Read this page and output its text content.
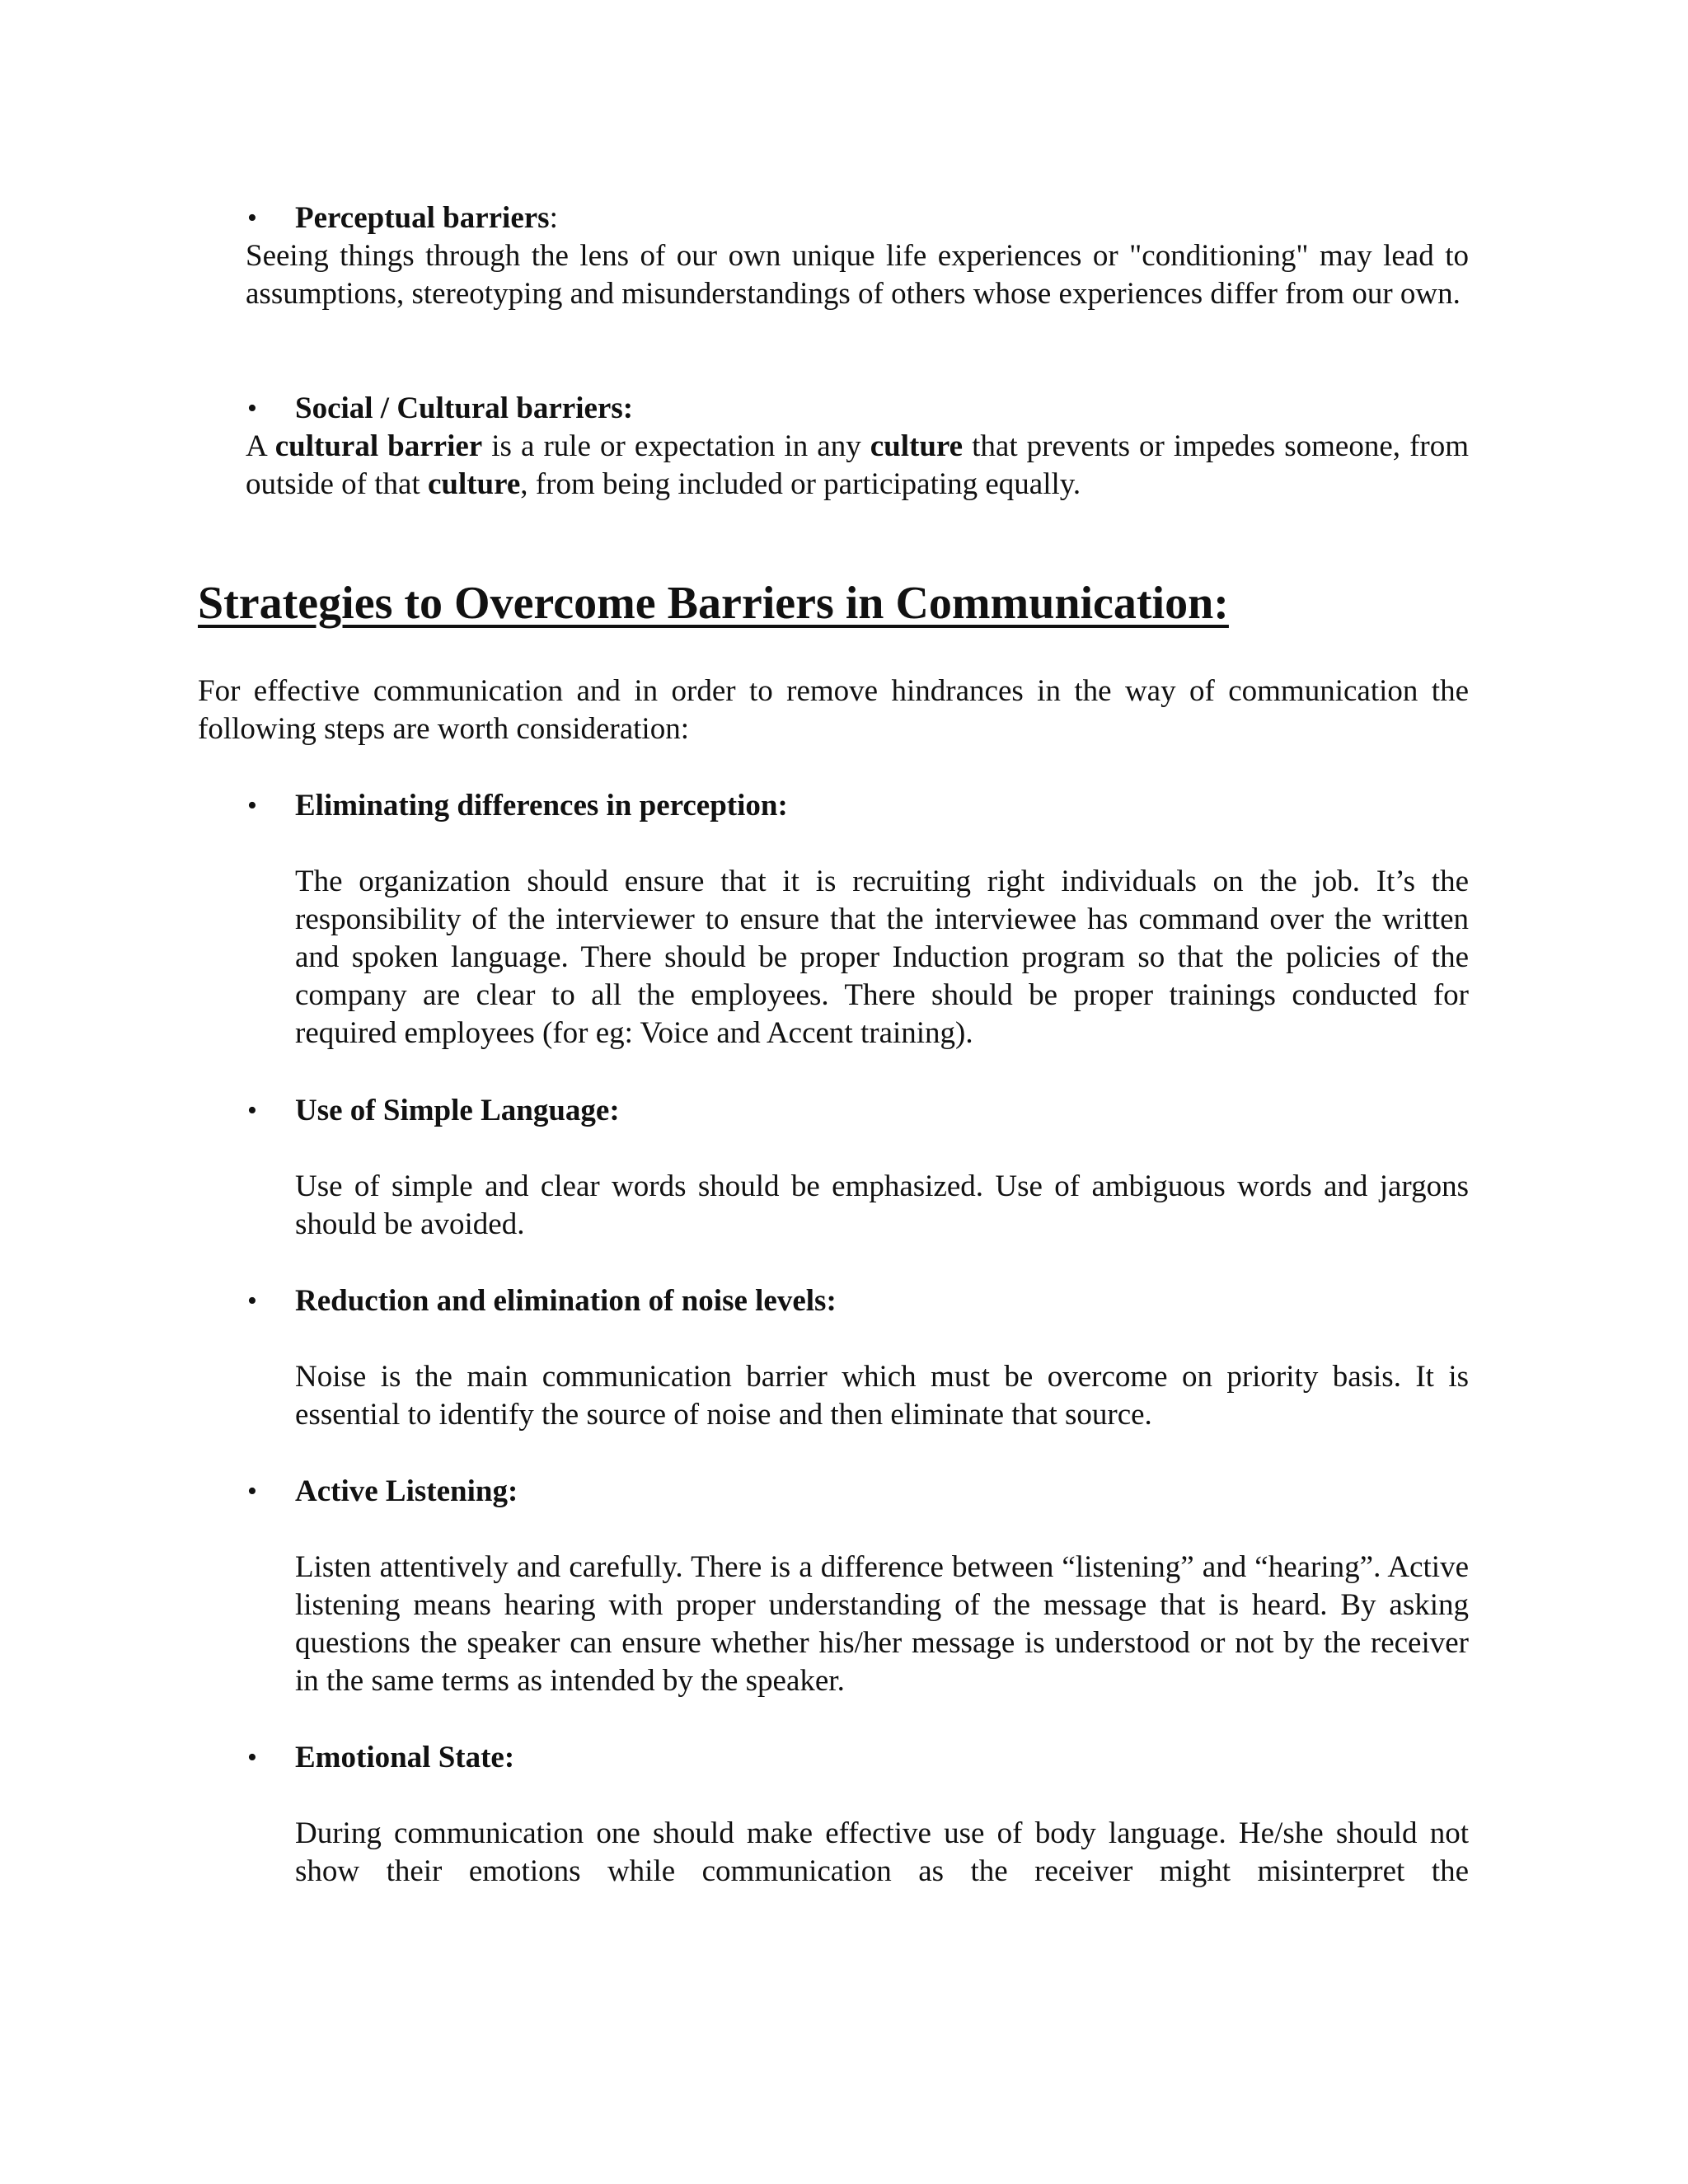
• Perceptual barriers:

Seeing things through the lens of our own unique life experiences or "conditioning" may lead to assumptions, stereotyping and misunderstandings of others whose experiences differ from our own.

• Social / Cultural barriers:

A cultural barrier is a rule or expectation in any culture that prevents or impedes someone, from outside of that culture, from being included or participating equally.

Strategies to Overcome Barriers in Communication:

For effective communication and in order to remove hindrances in the way of communication the following steps are worth consideration:

• Eliminating differences in perception:

The organization should ensure that it is recruiting right individuals on the job. It’s the responsibility of the interviewer to ensure that the interviewee has command over the written and spoken language. There should be proper Induction program so that the policies of the company are clear to all the employees. There should be proper trainings conducted for required employees (for eg: Voice and Accent training).

• Use of Simple Language:

Use of simple and clear words should be emphasized. Use of ambiguous words and jargons should be avoided.

• Reduction and elimination of noise levels:

Noise is the main communication barrier which must be overcome on priority basis. It is essential to identify the source of noise and then eliminate that source.

• Active Listening:

Listen attentively and carefully. There is a difference between “listening” and “hearing”. Active listening means hearing with proper understanding of the message that is heard. By asking questions the speaker can ensure whether his/her message is understood or not by the receiver in the same terms as intended by the speaker.

• Emotional State:

During communication one should make effective use of body language. He/she should not show their emotions while communication as the receiver might misinterpret the
